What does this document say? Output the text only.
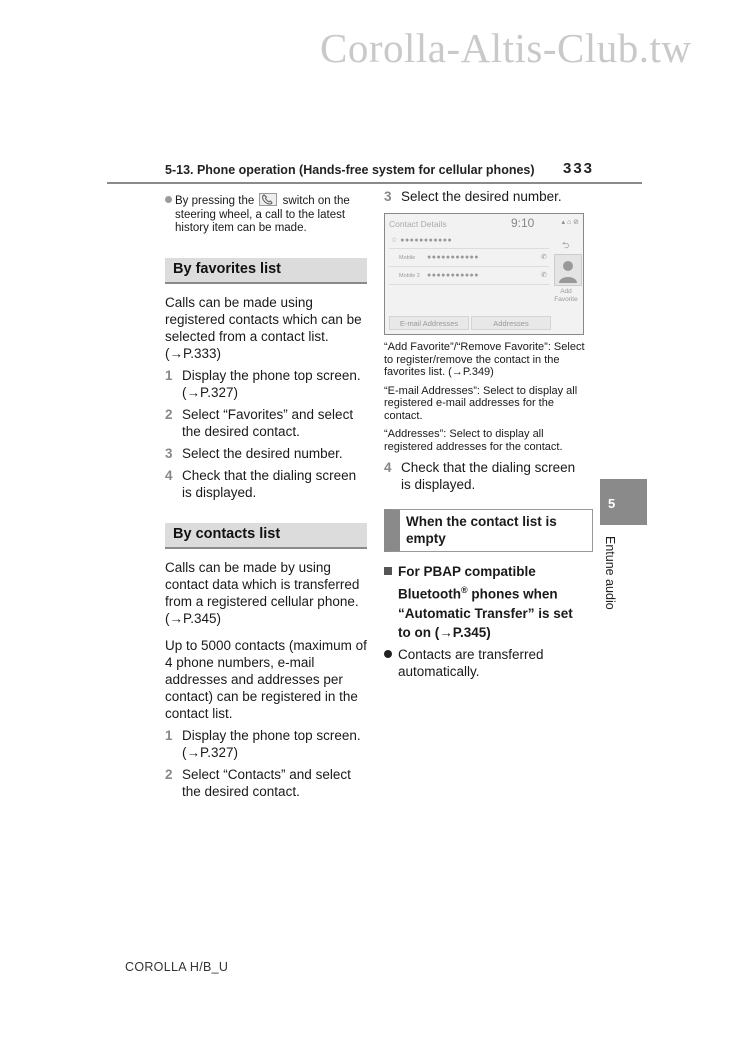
Corolla-Altis-Club.tw
5-13. Phone operation (Hands-free system for cellular phones) 333
By pressing the switch on the steering wheel, a call to the latest history item can be made.
By favorites list
Calls can be made using registered contacts which can be selected from a contact list. (→P.333)
1 Display the phone top screen. (→P.327)
2 Select “Favorites” and select the desired contact.
3 Select the desired number.
4 Check that the dialing screen is displayed.
By contacts list
Calls can be made by using contact data which is transferred from a registered cellular phone. (→P.345)
Up to 5000 contacts (maximum of 4 phone numbers, e-mail addresses and addresses per contact) can be registered in the contact list.
1 Display the phone top screen. (→P.327)
2 Select “Contacts” and select the desired contact.
3 Select the desired number.
Contact Details	9:10	▴ ⌂ ⊘
☆ ●●●●●●●●●●●	⮌
Mobile ●●●●●●●●●●●	✆
Mobile 2 ●●●●●●●●●●●	✆
Add Favorite
E-mail Addresses	Addresses
“Add Favorite”/“Remove Favorite”: Select to register/remove the contact in the favorites list. (→P.349)
“E-mail Addresses”: Select to display all registered e-mail addresses for the contact.
“Addresses”: Select to display all registered addresses for the contact.
4 Check that the dialing screen is displayed.
When the contact list is empty
For PBAP compatible Bluetooth® phones when “Automatic Transfer” is set to on (→P.345)
Contacts are transferred automatically.
5
Entune audio
COROLLA H/B_U
